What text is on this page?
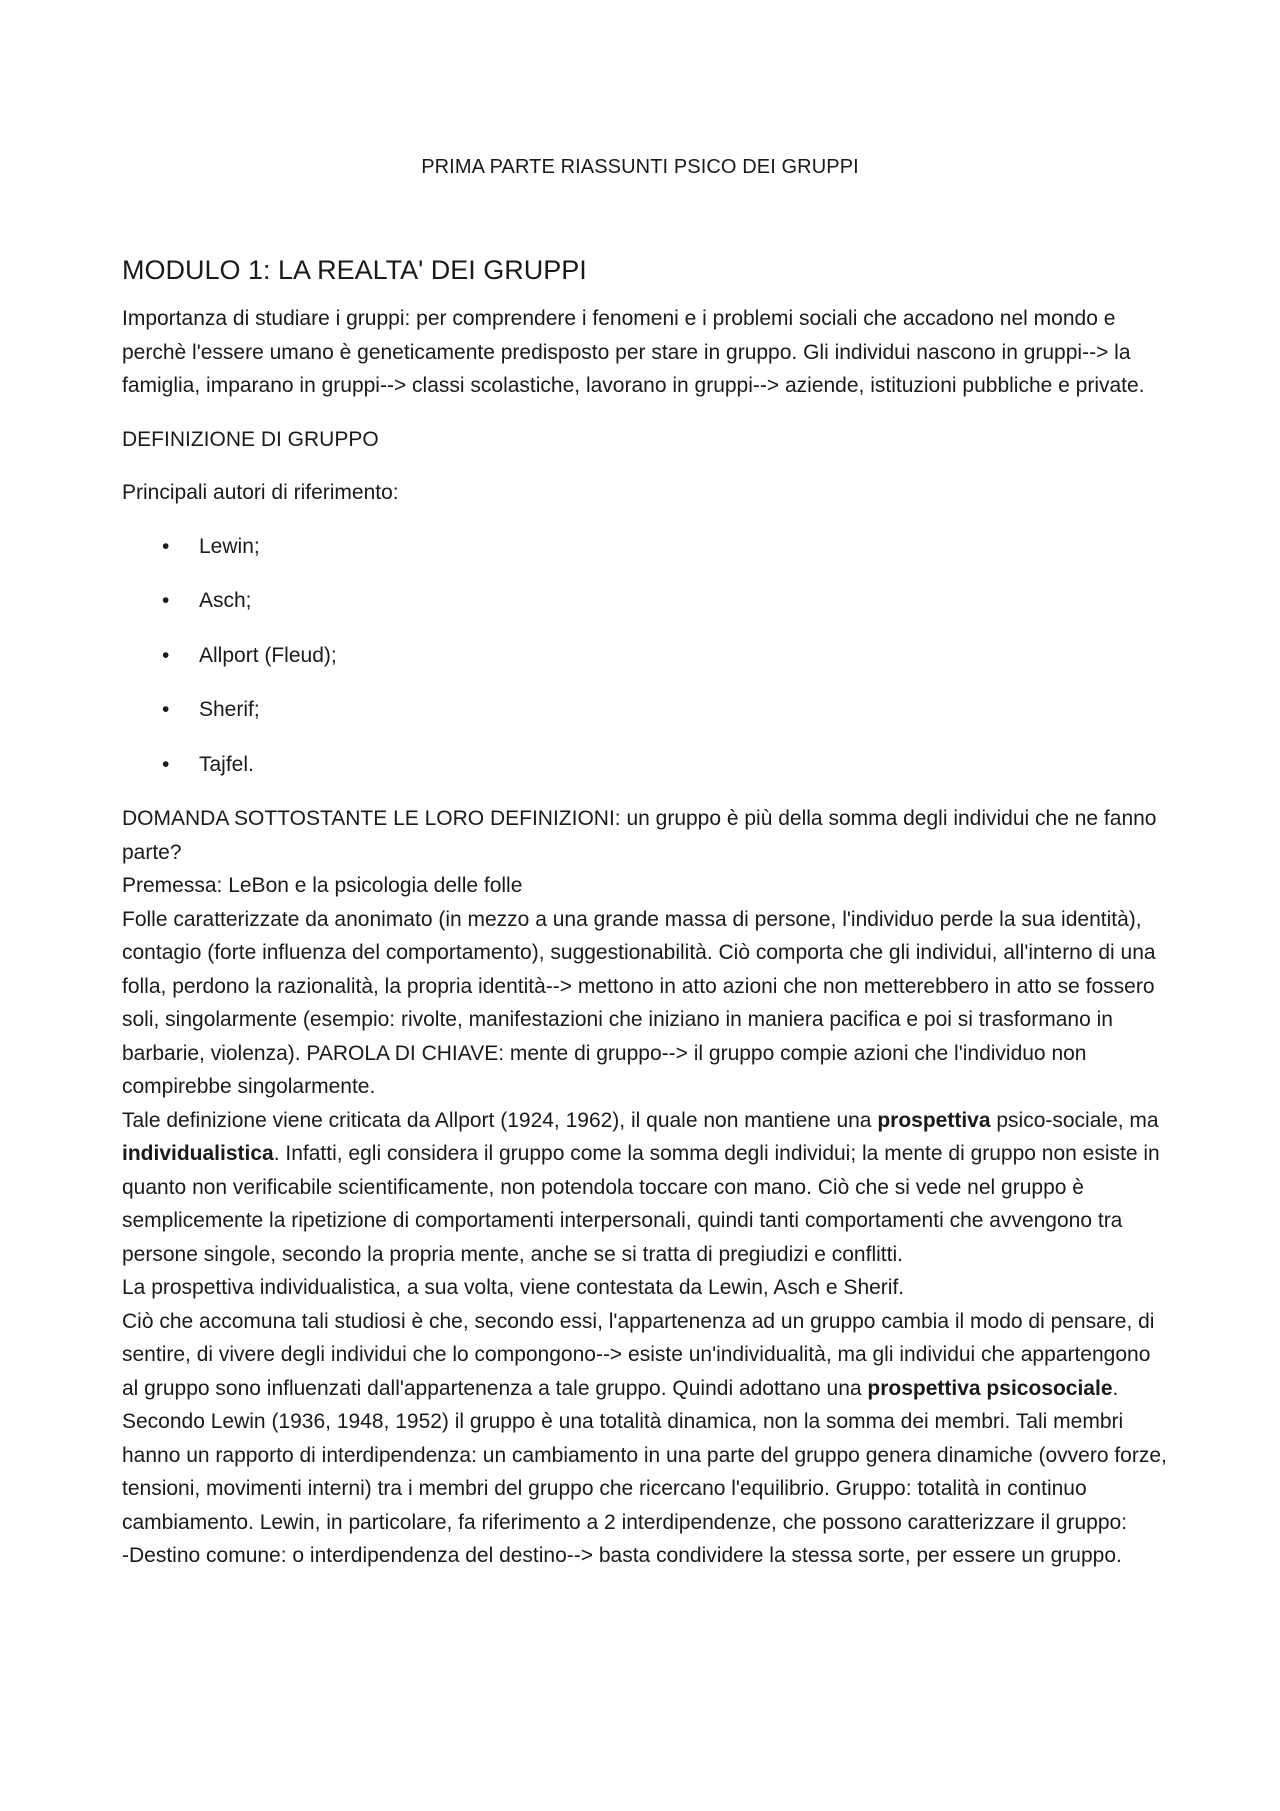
PRIMA PARTE RIASSUNTI PSICO DEI GRUPPI
MODULO 1: LA REALTA' DEI GRUPPI

Importanza di studiare i gruppi: per comprendere i fenomeni e i problemi sociali che accadono nel mondo e perchè l'essere umano è geneticamente predisposto per stare in gruppo. Gli individui nascono in gruppi--> la famiglia, imparano in gruppi--> classi scolastiche, lavorano in gruppi--> aziende, istituzioni pubbliche e private.

DEFINIZIONE DI GRUPPO

Principali autori di riferimento:

• Lewin;
• Asch;
• Allport (Fleud);
• Sherif;
• Tajfel.

DOMANDA SOTTOSTANTE LE LORO DEFINIZIONI: un gruppo è più della somma degli individui che ne fanno parte?

Premessa: LeBon e la psicologia delle folle

Folle caratterizzate da anonimato (in mezzo a una grande massa di persone, l'individuo perde la sua identità), contagio (forte influenza del comportamento), suggestionabilità. Ciò comporta che gli individui, all'interno di una folla, perdono la razionalità, la propria identità--> mettono in atto azioni che non metterebbero in atto se fossero soli, singolarmente (esempio: rivolte, manifestazioni che iniziano in maniera pacifica e poi si trasformano in barbarie, violenza). PAROLA DI CHIAVE: mente di gruppo--> il gruppo compie azioni che l'individuo non compirebbe singolarmente.

Tale definizione viene criticata da Allport (1924, 1962), il quale non mantiene una prospettiva psico-sociale, ma individualistica. Infatti, egli considera il gruppo come la somma degli individui; la mente di gruppo non esiste in quanto non verificabile scientificamente, non potendola toccare con mano. Ciò che si vede nel gruppo è semplicemente la ripetizione di comportamenti interpersonali, quindi tanti comportamenti che avvengono tra persone singole, secondo la propria mente, anche se si tratta di pregiudizi e conflitti.

La prospettiva individualistica, a sua volta, viene contestata da Lewin, Asch e Sherif.

Ciò che accomuna tali studiosi è che, secondo essi, l'appartenenza ad un gruppo cambia il modo di pensare, di sentire, di vivere degli individui che lo compongono--> esiste un'individualità, ma gli individui che appartengono al gruppo sono influenzati dall'appartenenza a tale gruppo. Quindi adottano una prospettiva psicosociale.

Secondo Lewin (1936, 1948, 1952) il gruppo è una totalità dinamica, non la somma dei membri. Tali membri hanno un rapporto di interdipendenza: un cambiamento in una parte del gruppo genera dinamiche (ovvero forze, tensioni, movimenti interni) tra i membri del gruppo che ricercano l'equilibrio. Gruppo: totalità in continuo cambiamento. Lewin, in particolare, fa riferimento a 2 interdipendenze, che possono caratterizzare il gruppo:

-Destino comune: o interdipendenza del destino--> basta condividere la stessa sorte, per essere un gruppo.
